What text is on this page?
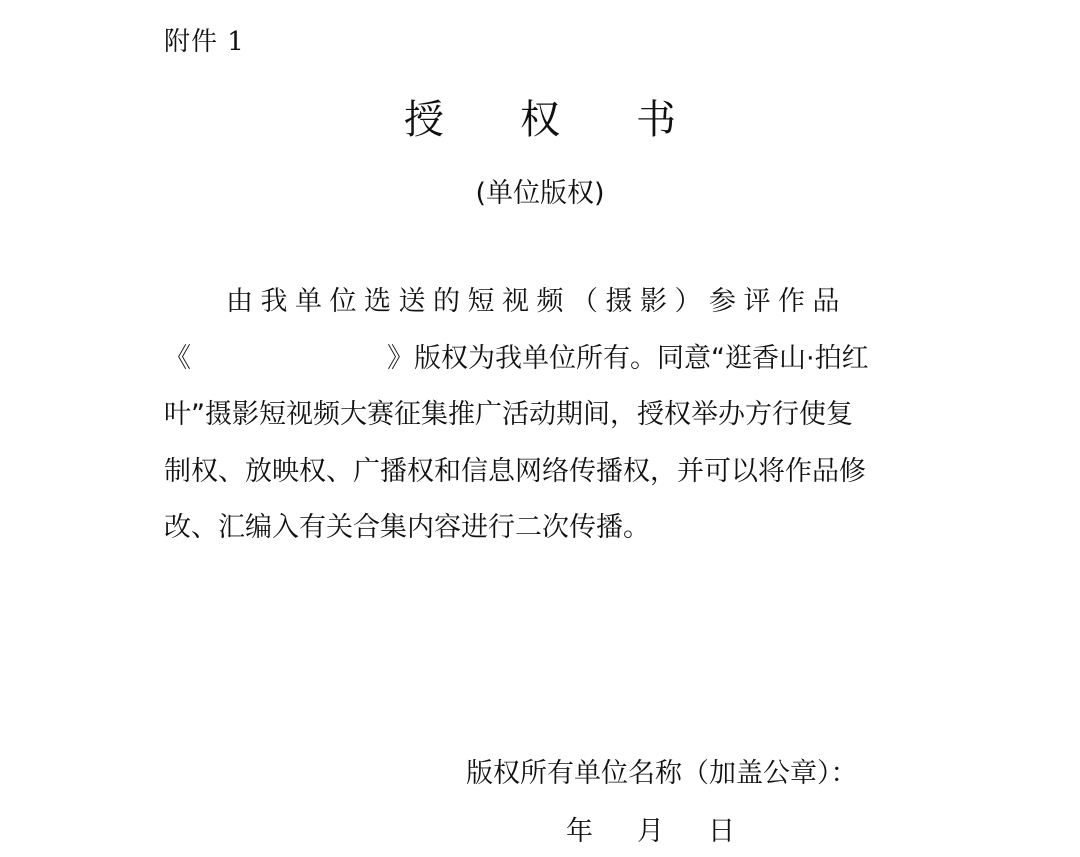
附件 1
授权书
(单位版权)
由我单位选送的短视频（摄影）参评作品
《	》版权为我单位所有。同意“逛香山·拍红
叶”摄影短视频大赛征集推广活动期间，授权举办方行使复
制权、放映权、广播权和信息网络传播权，并可以将作品修
改、汇编入有关合集内容进行二次传播。
版权所有单位名称（加盖公章）：
年 月 日
